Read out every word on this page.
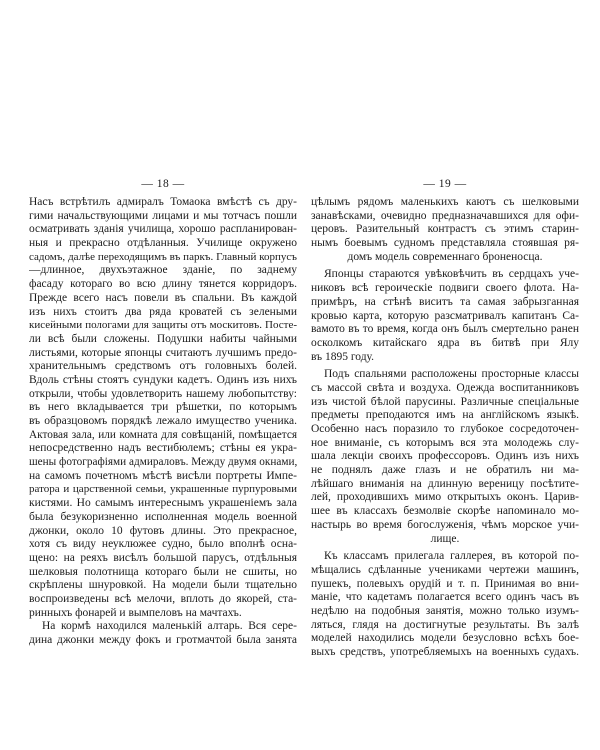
— 18 —
Насъ встрѣтилъ адмиралъ Томаока вмѣстѣ съ дру-
гими начальствующими лицами и мы тотчасъ пошли
осматривать зданія училища, хорошо распланирован-
ныя и прекрасно отдѣланныя. Училище окружено
садомъ, далѣе переходящимъ въ паркъ. Главный корпусъ
—длинное, двухъэтажное зданіе, по заднему
фасаду котораго во всю длину тянется корридоръ.
Прежде всего насъ повели въ спальни. Въ каждой
изъ нихъ стоитъ два ряда кроватей съ зелеными
кисейными пологами для защиты отъ москитовъ. Посте-
ли всѣ были сложены. Подушки набиты чайными
листьями, которые японцы считаютъ лучшимъ предо-
хранительнымъ средствомъ отъ головныхъ болей.
Вдоль стѣны стоятъ сундуки кадетъ. Одинъ изъ нихъ
открыли, чтобы удовлетворить нашему любопытству:
въ него вкладывается три рѣшетки, по которымъ
въ образцовомъ порядкѣ лежало имущество ученика.
Актовая зала, или комната для совѣщаній, помѣщается
непосредственно надъ вестибюлемъ; стѣны ея укра-
шены фотографіями адмираловъ. Между двумя окнами,
на самомъ почетномъ мѣстѣ висѣли портреты Импе-
ратора и царственной семьи, украшенные пурпуровыми
кистями. Но самымъ интереснымъ украшеніемъ зала
была безукоризненно исполненная модель военной
джонки, около 10 футовъ длины. Это прекрасное,
хотя съ виду неуклюжее судно, было вполнѣ осна-
щено: на реяхъ висѣлъ большой парусъ, отдѣльныя
шелковыя полотнища котораго были не сшиты, но
скрѣплены шнуровкой. На модели были тщательно
воспроизведены всѣ мелочи, вплоть до якорей, ста-
ринныхъ фонарей и вымпеловъ на мачтахъ.
На кормѣ находился маленькій алтарь. Вся сере-
дина джонки между фокъ и гротмачтой была занята
— 19 —
цѣлымъ рядомъ маленькихъ каютъ съ шелковыми
занавѣсками, очевидно предназначавшихся для офи-
церовъ. Разительный контрастъ съ этимъ старин-
нымъ боевымъ судномъ представляла стоявшая ря-
домъ модель современнаго броненосца.
Японцы стараются увѣковѣчить въ сердцахъ уче-
никовъ всѣ героическіе подвиги своего флота. На-
примѣръ, на стѣнѣ виситъ та самая забрызганная
кровью карта, которую разсматривалъ капитанъ Са-
вамото въ то время, когда онъ былъ смертельно ранен
осколкомъ китайскаго ядра въ битвѣ при Ялу
въ 1895 году.
Подъ спальнями расположены просторные классы
съ массой свѣта и воздуха. Одежда воспитанниковъ
изъ чистой бѣлой парусины. Различные спеціальные
предметы преподаются имъ на англійскомъ языкѣ.
Особенно насъ поразило то глубокое сосредоточен-
ное вниманіе, съ которымъ вся эта молодежь слу-
шала лекціи своихъ профессоровъ. Одинъ изъ нихъ
не поднялъ даже глазъ и не обратилъ ни ма-
лѣйшаго вниманія на длинную вереницу посѣтите-
лей, проходившихъ мимо открытыхъ оконъ. Царив-
шее въ классахъ безмолвіе скорѣе напоминало мо-
настырь во время богослуженія, чѣмъ морское учи-
лище.
Къ классамъ прилегала галлерея, въ которой по-
мѣщались сдѣланные учениками чертежи машинъ,
пушекъ, полевыхъ орудій и т. п. Принимая во вни-
маніе, что кадетамъ полагается всего одинъ часъ въ
недѣлю на подобныя занятія, можно только изумъ-
ляться, глядя на достигнутые результаты. Въ залѣ
моделей находились модели безусловно всѣхъ бое-
выхъ средствъ, употребляемыхъ на военныхъ судахъ.
